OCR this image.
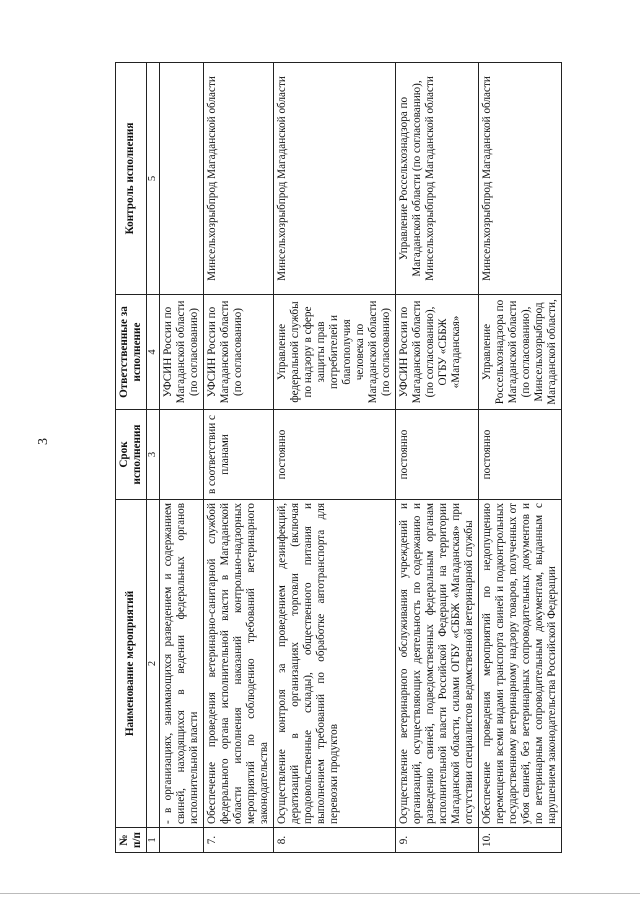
3
№ п/п	Наименование мероприятий	Срок исполнения	Ответственные за исполнение	Контроль исполнения
1	2	3	4	5
	- в организациях, занимающихся разведением и содержанием свиней, находящихся в ведении федеральных органов исполнительной власти		УФСИН России по Магаданской области (по согласованию)	
7.	Обеспечение проведения ветеринарно-санитарной службой федерального органа исполнительной власти в Магаданской области исполнения наказаний контрольно-надзорных мероприятий по соблюдению требований ветеринарного законодательства	в соответствии с планами	УФСИН России по Магаданской области (по согласованию)	Минсельхозрыбпрод Магаданской области
8.	Осуществление контроля за проведением дезинфекций, дератизаций в организациях торговли (включая продовольственные склады), общественного питания и выполнением требований по обработке автотранспорта для перевозки продуктов	постоянно	Управление федеральной службы по надзору в сфере защиты прав потребителей и благополучия человека по Магаданской области (по согласованию)	Минсельхозрыбпрод Магаданской области
9.	Осуществление ветеринарного обслуживания учреждений и организаций, осуществляющих деятельность по содержанию и разведению свиней, подведомственных федеральным органам исполнительной власти Российской Федерации на территории Магаданской области, силами ОГБУ «СББЖ «Магаданская» при отсутствии специалистов ведомственной ветеринарной службы	постоянно	УФСИН России по Магаданской области (по согласованию), ОГБУ «СББЖ «Магаданская»	Управление Россельхознадзора по Магаданской области (по согласованию), Минсельхозрыбпрод Магаданской области
10.	Обеспечение проведения мероприятий по недопущению перемещения всеми видами транспорта свиней и подконтрольных государственному ветеринарному надзору товаров, полученных от убоя свиней, без ветеринарных сопроводительных документов и по ветеринарным сопроводительным документам, выданным с нарушением законодательства Российской Федерации	постоянно	Управление Россельхознадзора по Магаданской области (по согласованию), Минсельхозрыбпрод Магаданской области,	Минсельхозрыбпрод Магаданской области
